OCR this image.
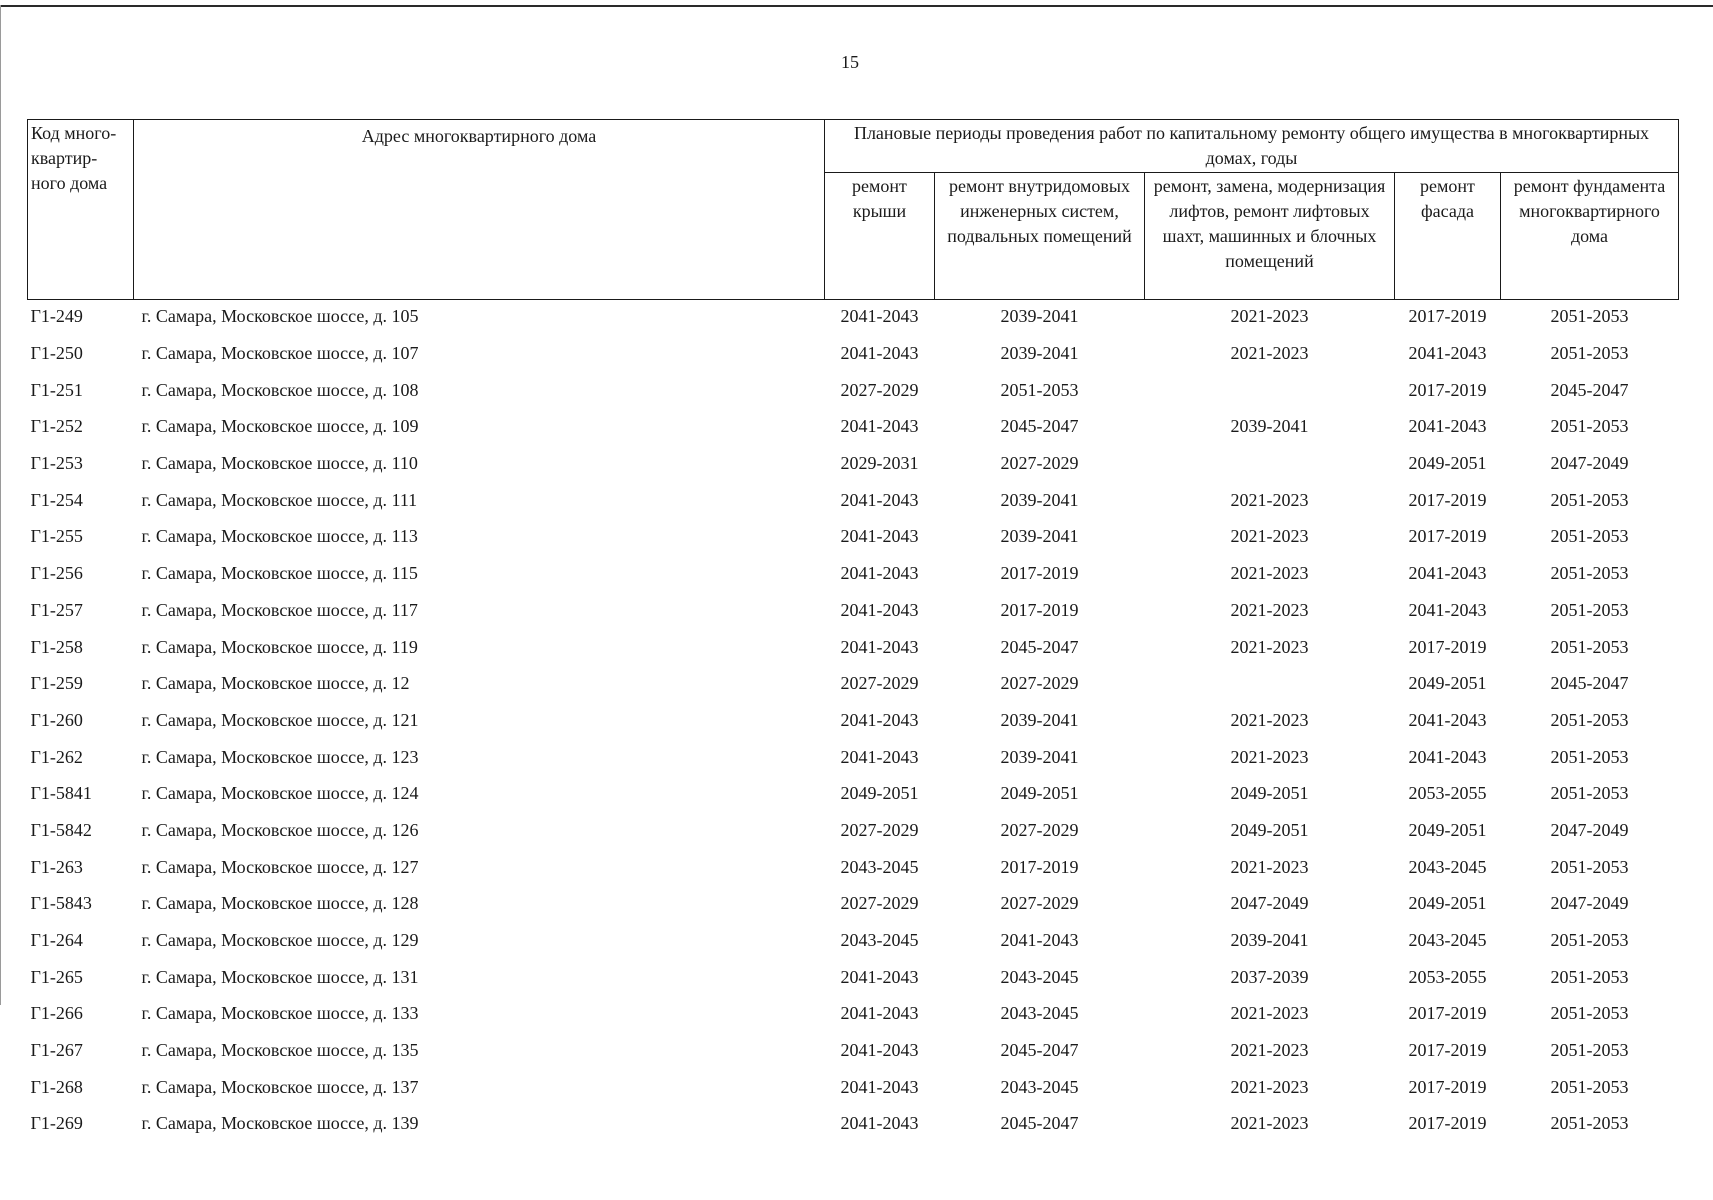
15
Код много-квартир-ного дома	Адрес многоквартирного дома	Плановые периоды проведения работ по капитальному ремонту общего имущества в многоквартирных домах, годы				
		ремонт крыши	ремонт внутридомовых инженерных систем, подвальных помещений	ремонт, замена, модернизация лифтов, ремонт лифтовых шахт, машинных и блочных помещений	ремонт фасада	ремонт фундамента многоквартирного дома
Г1-249	г. Самара, Московское шоссе, д. 105	2041-2043	2039-2041	2021-2023	2017-2019	2051-2053
Г1-250	г. Самара, Московское шоссе, д. 107	2041-2043	2039-2041	2021-2023	2041-2043	2051-2053
Г1-251	г. Самара, Московское шоссе, д. 108	2027-2029	2051-2053		2017-2019	2045-2047
Г1-252	г. Самара, Московское шоссе, д. 109	2041-2043	2045-2047	2039-2041	2041-2043	2051-2053
Г1-253	г. Самара, Московское шоссе, д. 110	2029-2031	2027-2029		2049-2051	2047-2049
Г1-254	г. Самара, Московское шоссе, д. 111	2041-2043	2039-2041	2021-2023	2017-2019	2051-2053
Г1-255	г. Самара, Московское шоссе, д. 113	2041-2043	2039-2041	2021-2023	2017-2019	2051-2053
Г1-256	г. Самара, Московское шоссе, д. 115	2041-2043	2017-2019	2021-2023	2041-2043	2051-2053
Г1-257	г. Самара, Московское шоссе, д. 117	2041-2043	2017-2019	2021-2023	2041-2043	2051-2053
Г1-258	г. Самара, Московское шоссе, д. 119	2041-2043	2045-2047	2021-2023	2017-2019	2051-2053
Г1-259	г. Самара, Московское шоссе, д. 12	2027-2029	2027-2029		2049-2051	2045-2047
Г1-260	г. Самара, Московское шоссе, д. 121	2041-2043	2039-2041	2021-2023	2041-2043	2051-2053
Г1-262	г. Самара, Московское шоссе, д. 123	2041-2043	2039-2041	2021-2023	2041-2043	2051-2053
Г1-5841	г. Самара, Московское шоссе, д. 124	2049-2051	2049-2051	2049-2051	2053-2055	2051-2053
Г1-5842	г. Самара, Московское шоссе, д. 126	2027-2029	2027-2029	2049-2051	2049-2051	2047-2049
Г1-263	г. Самара, Московское шоссе, д. 127	2043-2045	2017-2019	2021-2023	2043-2045	2051-2053
Г1-5843	г. Самара, Московское шоссе, д. 128	2027-2029	2027-2029	2047-2049	2049-2051	2047-2049
Г1-264	г. Самара, Московское шоссе, д. 129	2043-2045	2041-2043	2039-2041	2043-2045	2051-2053
Г1-265	г. Самара, Московское шоссе, д. 131	2041-2043	2043-2045	2037-2039	2053-2055	2051-2053
Г1-266	г. Самара, Московское шоссе, д. 133	2041-2043	2043-2045	2021-2023	2017-2019	2051-2053
Г1-267	г. Самара, Московское шоссе, д. 135	2041-2043	2045-2047	2021-2023	2017-2019	2051-2053
Г1-268	г. Самара, Московское шоссе, д. 137	2041-2043	2043-2045	2021-2023	2017-2019	2051-2053
Г1-269	г. Самара, Московское шоссе, д. 139	2041-2043	2045-2047	2021-2023	2017-2019	2051-2053
